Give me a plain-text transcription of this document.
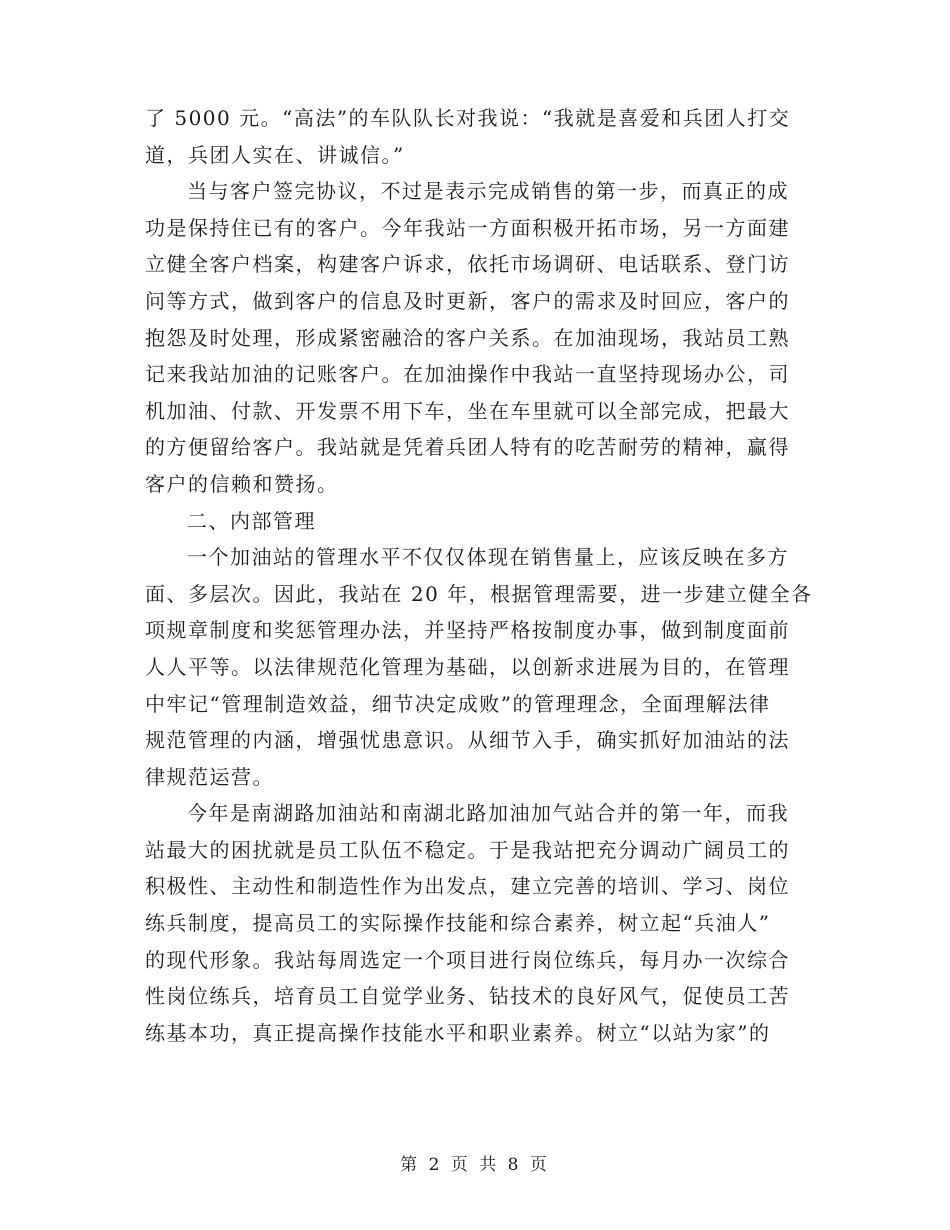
了 5000 元。“高法”的车队队长对我说：“我就是喜爱和兵团人打交
道，兵团人实在、讲诚信。”
当与客户签完协议，不过是表示完成销售的第一步，而真正的成
功是保持住已有的客户。今年我站一方面积极开拓市场，另一方面建
立健全客户档案，构建客户诉求，依托市场调研、电话联系、登门访
问等方式，做到客户的信息及时更新，客户的需求及时回应，客户的
抱怨及时处理，形成紧密融洽的客户关系。在加油现场，我站员工熟
记来我站加油的记账客户。在加油操作中我站一直坚持现场办公，司
机加油、付款、开发票不用下车，坐在车里就可以全部完成，把最大
的方便留给客户。我站就是凭着兵团人特有的吃苦耐劳的精神，赢得
客户的信赖和赞扬。
二、内部管理
一个加油站的管理水平不仅仅体现在销售量上，应该反映在多方
面、多层次。因此，我站在 20 年，根据管理需要，进一步建立健全各
项规章制度和奖惩管理办法，并坚持严格按制度办事，做到制度面前
人人平等。以法律规范化管理为基础，以创新求进展为目的，在管理
中牢记“管理制造效益，细节决定成败”的管理理念，全面理解法律
规范管理的内涵，增强忧患意识。从细节入手，确实抓好加油站的法
律规范运营。
今年是南湖路加油站和南湖北路加油加气站合并的第一年，而我
站最大的困扰就是员工队伍不稳定。于是我站把充分调动广阔员工的
积极性、主动性和制造性作为出发点，建立完善的培训、学习、岗位
练兵制度，提高员工的实际操作技能和综合素养，树立起“兵油人”
的现代形象。我站每周选定一个项目进行岗位练兵，每月办一次综合
性岗位练兵，培育员工自觉学业务、钻技术的良好风气，促使员工苦
练基本功，真正提高操作技能水平和职业素养。树立“以站为家”的
第 2 页 共 8 页
